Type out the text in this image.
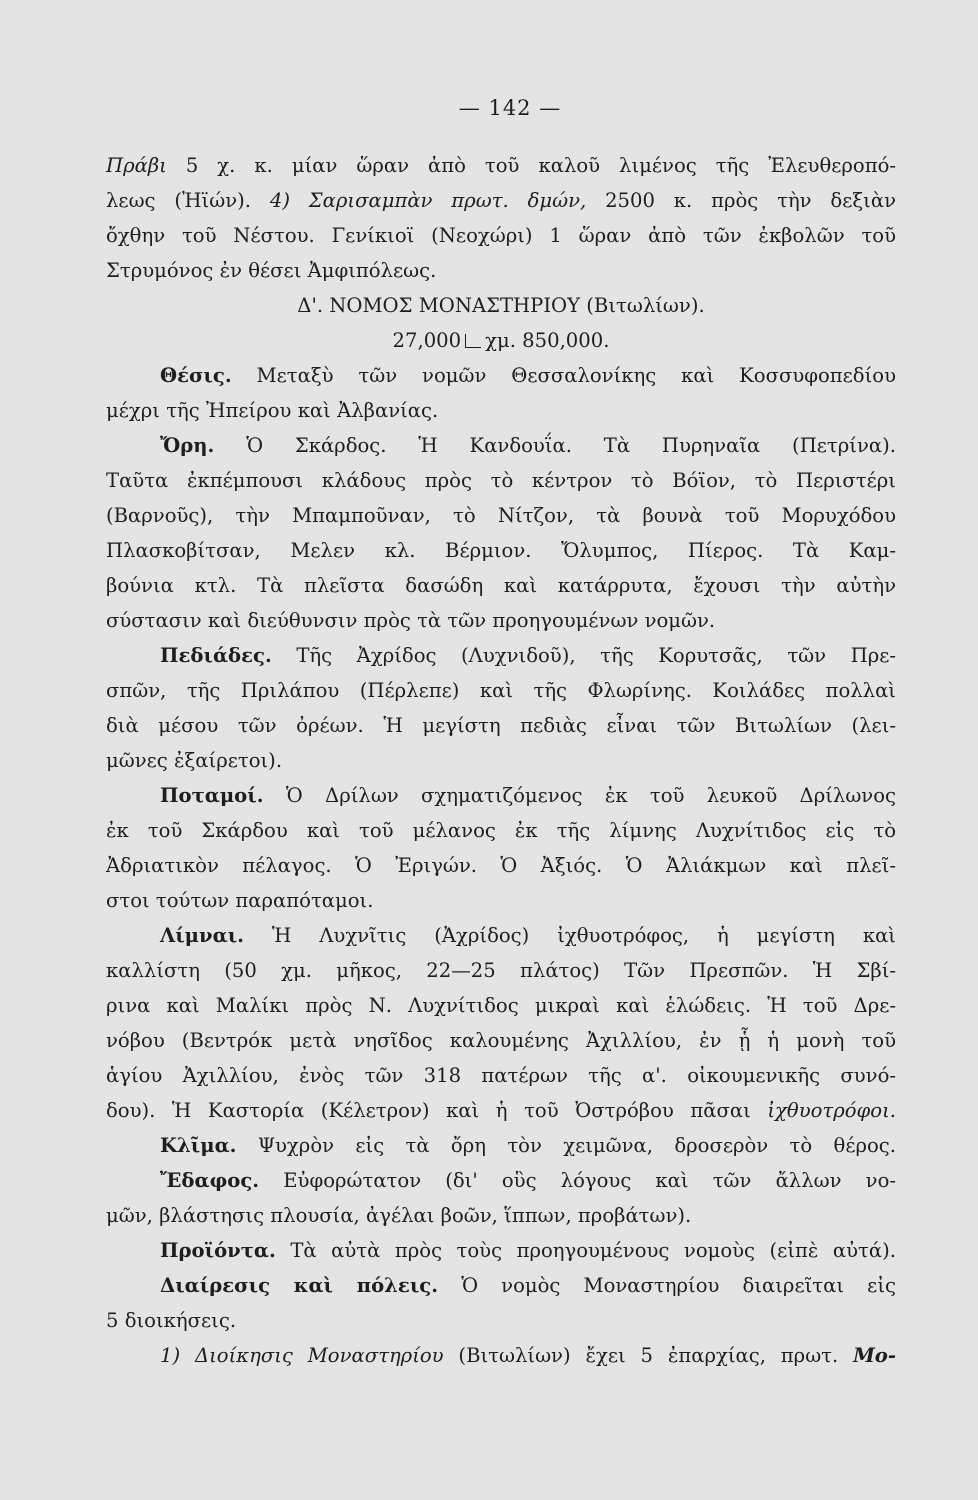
— 142 —
Πράβι 5 χ. κ. μίαν ὥραν ἀπὸ τοῦ καλοῦ λιμένος τῆς Ἐλευθεροπό-
λεως (Ἠϊών). 4) Σαρισαμπὰν πρωτ. δμών, 2500 κ. πρὸς τὴν δεξιὰν
ὄχθην τοῦ Νέστου. Γενίκιοϊ (Νεοχώρι) 1 ὥραν ἀπὸ τῶν ἐκβολῶν τοῦ
Στρυμόνος ἐν θέσει Ἀμφιπόλεως.
Δ'. ΝΟΜΟΣ ΜΟΝΑΣΤΗΡΙΟΥ (Βιτωλίων).
27,000 χμ. 850,000.
Θέσις. Μεταξὺ τῶν νομῶν Θεσσαλονίκης καὶ Κοσσυφοπεδίου
μέχρι τῆς Ἠπείρου καὶ Ἀλβανίας.
Ὄρη. Ὁ Σκάρδος. Ἡ Κανδουΐα. Τὰ Πυρηναῖα (Πετρίνα).
Ταῦτα ἐκπέμπουσι κλάδους πρὸς τὸ κέντρον τὸ Βόϊον, τὸ Περιστέρι
(Βαρνοῦς), τὴν Μπαμποῦναν, τὸ Νίτζον, τὰ βουνὰ τοῦ Μορυχόδου
Πλασκοβίτσαν, Μελεν κλ. Βέρμιον. Ὄλυμπος, Πίερος. Τὰ Καμ-
βούνια κτλ. Τὰ πλεῖστα δασώδη καὶ κατάρρυτα, ἔχουσι τὴν αὐτὴν
σύστασιν καὶ διεύθυνσιν πρὸς τὰ τῶν προηγουμένων νομῶν.
Πεδιάδες. Τῆς Ἀχρίδος (Λυχνιδοῦ), τῆς Κορυτσᾶς, τῶν Πρε-
σπῶν, τῆς Πριλάπου (Πέρλεπε) καὶ τῆς Φλωρίνης. Κοιλάδες πολλαὶ
διὰ μέσου τῶν ὀρέων. Ἡ μεγίστη πεδιὰς εἶναι τῶν Βιτωλίων (λει-
μῶνες ἐξαίρετοι).
Ποταμοί. Ὁ Δρίλων σχηματιζόμενος ἐκ τοῦ λευκοῦ Δρίλωνος
ἐκ τοῦ Σκάρδου καὶ τοῦ μέλανος ἐκ τῆς λίμνης Λυχνίτιδος εἰς τὸ
Ἀδριατικὸν πέλαγος. Ὁ Ἐριγών. Ὁ Ἀξιός. Ὁ Ἀλιάκμων καὶ πλεῖ-
στοι τούτων παραπόταμοι.
Λίμναι. Ἡ Λυχνῖτις (Ἀχρίδος) ἰχθυοτρόφος, ἡ μεγίστη καὶ
καλλίστη (50 χμ. μῆκος, 22—25 πλάτος) Τῶν Πρεσπῶν. Ἡ Σβί-
ρινα καὶ Μαλίκι πρὸς Ν. Λυχνίτιδος μικραὶ καὶ ἑλώδεις. Ἡ τοῦ Δρε-
νόβου (Βεντρόκ μετὰ νησῖδος καλουμένης Ἀχιλλίου, ἐν ᾗ ἡ μονὴ τοῦ
ἁγίου Ἀχιλλίου, ἐνὸς τῶν 318 πατέρων τῆς α'. οἰκουμενικῆς συνό-
δου). Ἡ Καστορία (Κέλετρον) καὶ ἡ τοῦ Ὀστρόβου πᾶσαι ἰχθυοτρόφοι.
Κλῖμα. Ψυχρὸν εἰς τὰ ὄρη τὸν χειμῶνα, δροσερὸν τὸ θέρος.
Ἔδαφος. Εὐφορώτατον (δι' οὓς λόγους καὶ τῶν ἄλλων νο-
μῶν, βλάστησις πλουσία, ἀγέλαι βοῶν, ἵππων, προβάτων).
Προϊόντα. Τὰ αὐτὰ πρὸς τοὺς προηγουμένους νομοὺς (εἰπὲ αὐτά).
Διαίρεσις καὶ πόλεις. Ὁ νομὸς Μοναστηρίου διαιρεῖται εἰς
5 διοικήσεις.
1) Διοίκησις Μοναστηρίου (Βιτωλίων) ἔχει 5 ἐπαρχίας, πρωτ. Μο-
